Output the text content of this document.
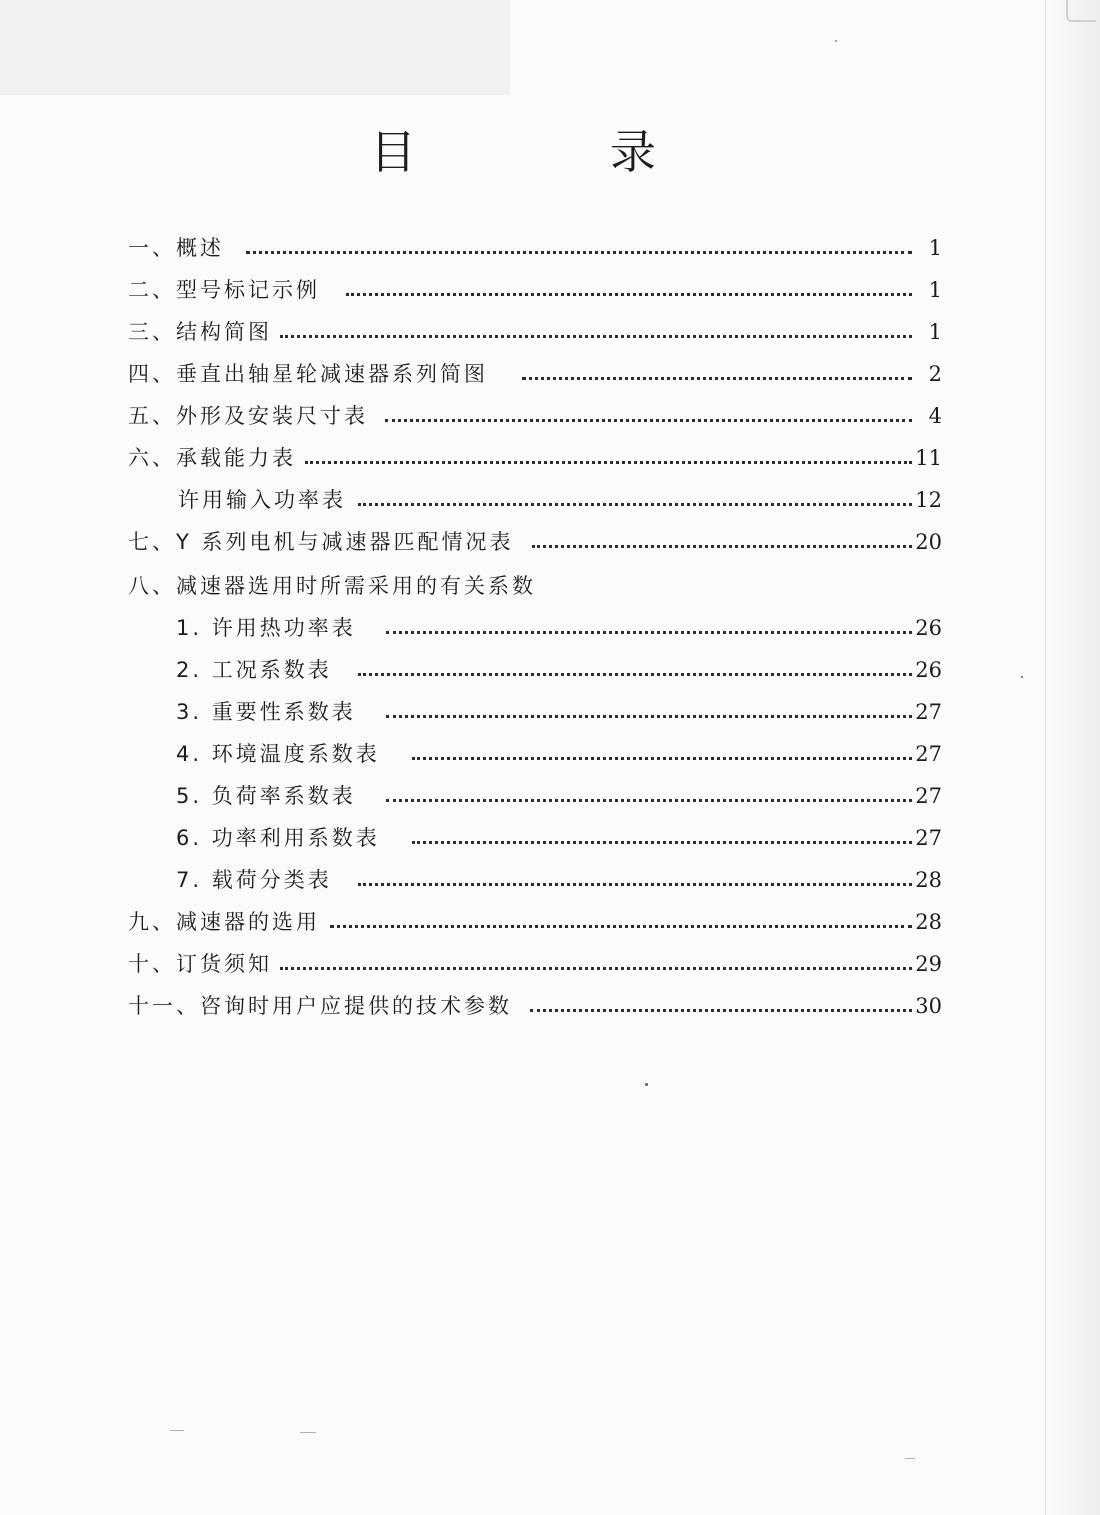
目	录
一、概述	1
二、型号标记示例	1
三、结构简图	1
四、垂直出轴星轮减速器系列简图	2
五、外形及安装尺寸表	4
六、承载能力表	11
许用输入功率表	12
七、Y 系列电机与减速器匹配情况表	20
八、减速器选用时所需采用的有关系数
1. 许用热功率表	26
2. 工况系数表	26
3. 重要性系数表	27
4. 环境温度系数表	27
5. 负荷率系数表	27
6. 功率利用系数表	27
7. 载荷分类表	28
九、减速器的选用	28
十、订货须知	29
十一、咨询时用户应提供的技术参数	30
